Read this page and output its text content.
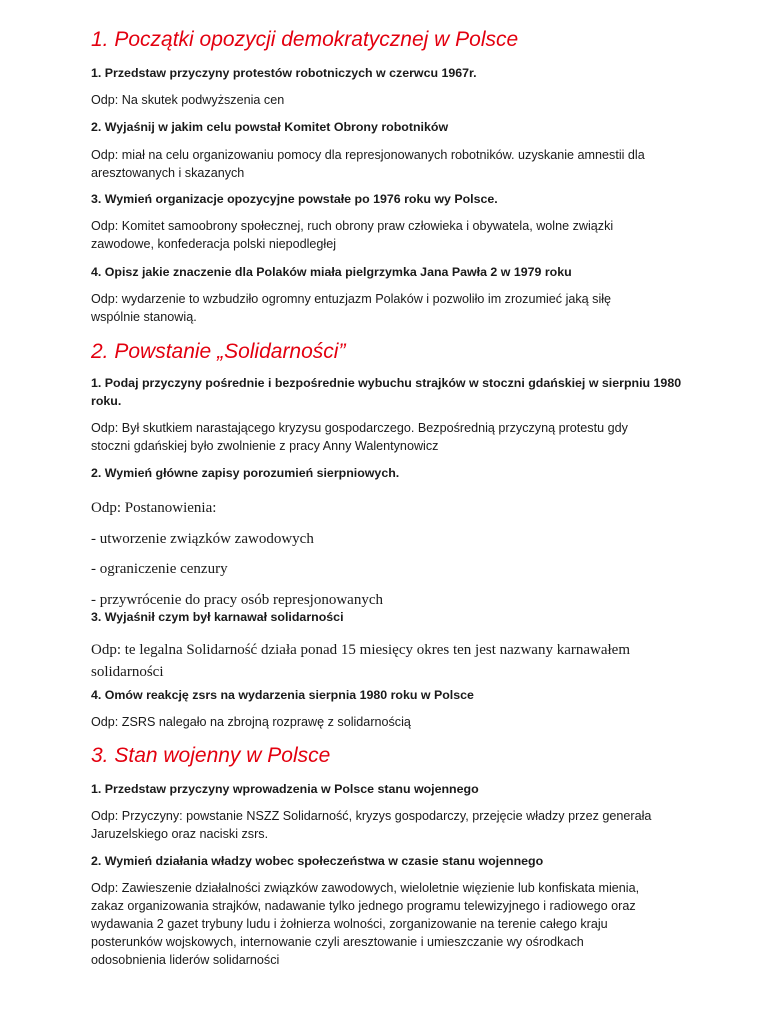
1. Początki opozycji demokratycznej w Polsce

1. Przedstaw przyczyny protestów robotniczych w czerwcu 1967r.

Odp: Na skutek podwyższenia cen

2. Wyjaśnij w jakim celu powstał Komitet Obrony robotników

Odp: miał na celu organizowaniu pomocy dla represjonowanych robotników. uzyskanie amnestii dla
aresztowanych i skazanych

3. Wymień organizacje opozycyjne powstałe po 1976 roku wy Polsce.

Odp: Komitet samoobrony społecznej, ruch obrony praw człowieka i obywatela, wolne związki
zawodowe, konfederacja polski niepodległej

4. Opisz jakie znaczenie dla Polaków miała pielgrzymka Jana Pawła 2 w 1979 roku

Odp: wydarzenie to wzbudziło ogromny entuzjazm Polaków i pozwoliło im zrozumieć jaką siłę
wspólnie stanowią.

2. Powstanie „Solidarności”

1. Podaj przyczyny pośrednie i bezpośrednie wybuchu strajków w stoczni gdańskiej w sierpniu 1980
roku.

Odp: Był skutkiem narastającego kryzysu gospodarczego. Bezpośrednią przyczyną protestu gdy
stoczni gdańskiej było zwolnienie z pracy Anny Walentynowicz

2. Wymień główne zapisy porozumień sierpniowych.

Odp: Postanowienia:
- utworzenie związków zawodowych
- ograniczenie cenzury
- przywrócenie do pracy osób represjonowanych

3. Wyjaśnił czym był karnawał solidarności

Odp: te legalna Solidarność działa ponad 15 miesięcy okres ten jest nazwany karnawałem
solidarności

4. Omów reakcję zsrs na wydarzenia sierpnia 1980 roku w Polsce

Odp: ZSRS nalegało na zbrojną rozprawę z solidarnością

3. Stan wojenny w Polsce

1. Przedstaw przyczyny wprowadzenia w Polsce stanu wojennego

Odp: Przyczyny: powstanie NSZZ Solidarność, kryzys gospodarczy, przejęcie władzy przez generała
Jaruzelskiego oraz naciski zsrs.

2. Wymień działania władzy wobec społeczeństwa w czasie stanu wojennego

Odp: Zawieszenie działalności związków zawodowych, wieloletnie więzienie lub konfiskata mienia,
zakaz organizowania strajków, nadawanie tylko jednego programu telewizyjnego i radiowego oraz
wydawania 2 gazet trybuny ludu i żołnierza wolności, zorganizowanie na terenie całego kraju
posterunków wojskowych, internowanie czyli aresztowanie i umieszczanie wy ośrodkach
odosobnienia liderów solidarności
